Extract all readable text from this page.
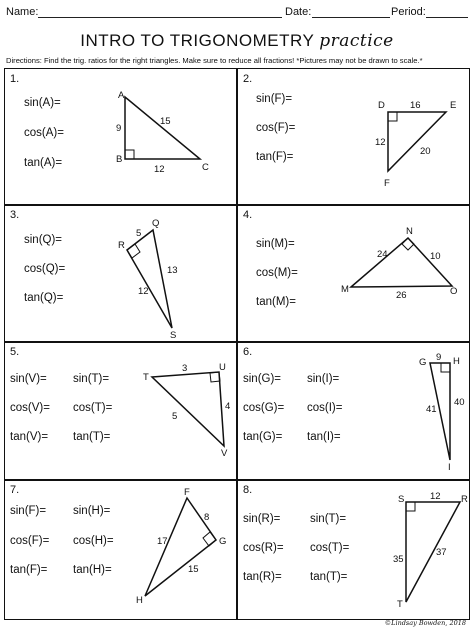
Name:	Date:	Period:
INTRO TO TRIGONOMETRY practice
Directions: Find the trig. ratios for the right triangles. Make sure to reduce all fractions! *Pictures may not be drawn to scale.*
1.	2.
3.	4.
5.	6.
7.	8.
sin(A)=
cos(A)=
tan(A)=
sin(F)=
cos(F)=
tan(F)=
sin(Q)=
cos(Q)=
tan(Q)=
sin(M)=
cos(M)=
tan(M)=
sin(V)=
cos(V)=
tan(V)=
sin(T)=
cos(T)=
tan(T)=
sin(G)=
cos(G)=
tan(G)=
sin(I)=
cos(I)=
tan(I)=
sin(F)=
cos(F)=
tan(F)=
sin(H)=
cos(H)=
tan(H)=
sin(R)=
cos(R)=
tan(R)=
sin(T)=
cos(T)=
tan(T)=
A
B
C
9
15
12
D	E
F
16
12
20
Q
R
S
5
13
12
N
M	O
24	10
26
T
U
V
3
4
5
G	H
I
9
40
41
F
G
H
8
17
15
S	R
T
12
35
37
©Lindsay Bowden, 2018
